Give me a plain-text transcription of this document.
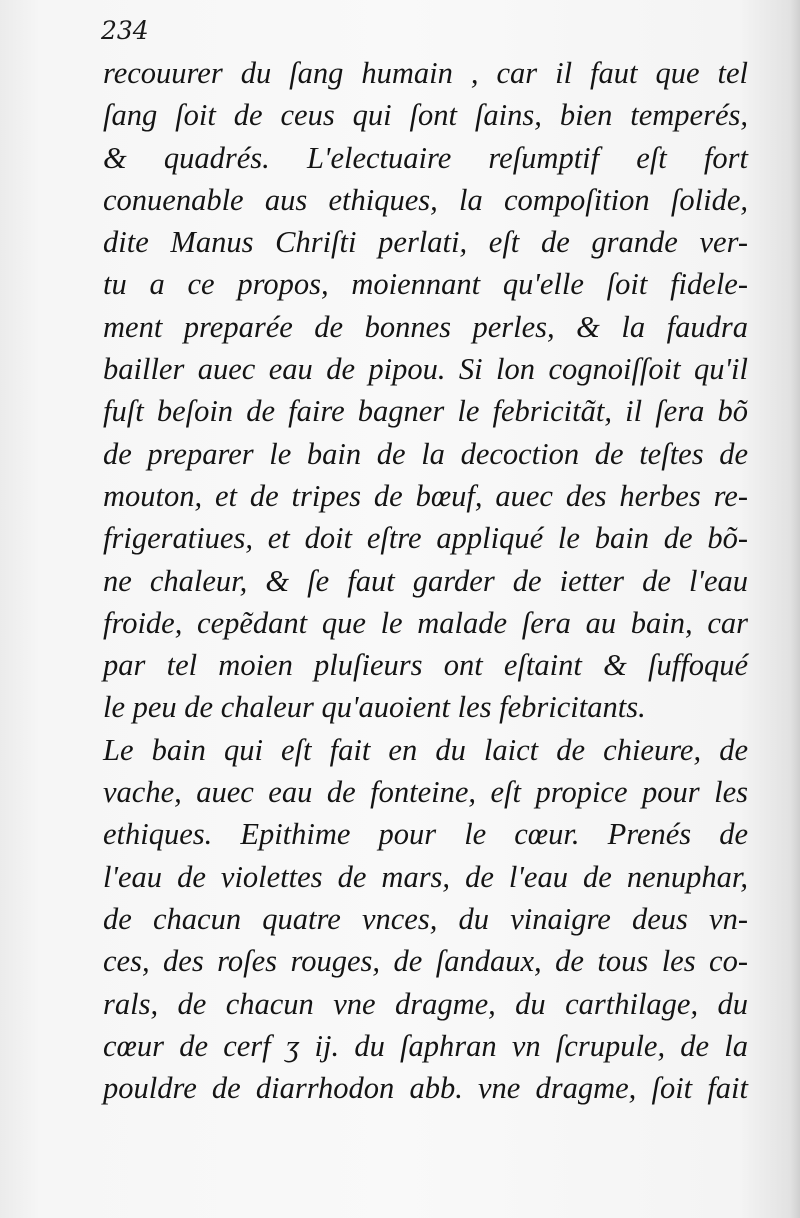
234
recouurer du ſang humain , car il faut que tel
ſang ſoit de ceus qui ſont ſains, bien temperés,
& quadrés. L'electuaire reſumptif eſt fort
conuenable aus ethiques, la compoſition ſolide,
dite Manus Chriſti perlati, eſt de grande ver-
tu a ce propos, moiennant qu'elle ſoit fidele-
ment preparée de bonnes perles, & la faudra
bailler auec eau de pipou. Si lon cognoiſſoit qu'il
fuſt beſoin de faire bagner le febricitãt, il ſera bõ
de preparer le bain de la decoction de teſtes de
mouton, et de tripes de bœuf, auec des herbes re-
frigeratiues, et doit eſtre appliqué le bain de bõ-
ne chaleur, & ſe faut garder de ietter de l'eau
froide, cepẽdant que le malade ſera au bain, car
par tel moien pluſieurs ont eſtaint & ſuffoqué
le peu de chaleur qu'auoient les febricitants.
Le bain qui eſt fait en du laict de chieure, de
vache, auec eau de fonteine, eſt propice pour les
ethiques. Epithime pour le cœur. Prenés de
l'eau de violettes de mars, de l'eau de nenuphar,
de chacun quatre vnces, du vinaigre deus vn-
ces, des roſes rouges, de ſandaux, de tous les co-
rals, de chacun vne dragme, du carthilage, du
cœur de cerf ʒ ij. du ſaphran vn ſcrupule, de la
pouldre de diarrhodon abb. vne dragme, ſoit fait
